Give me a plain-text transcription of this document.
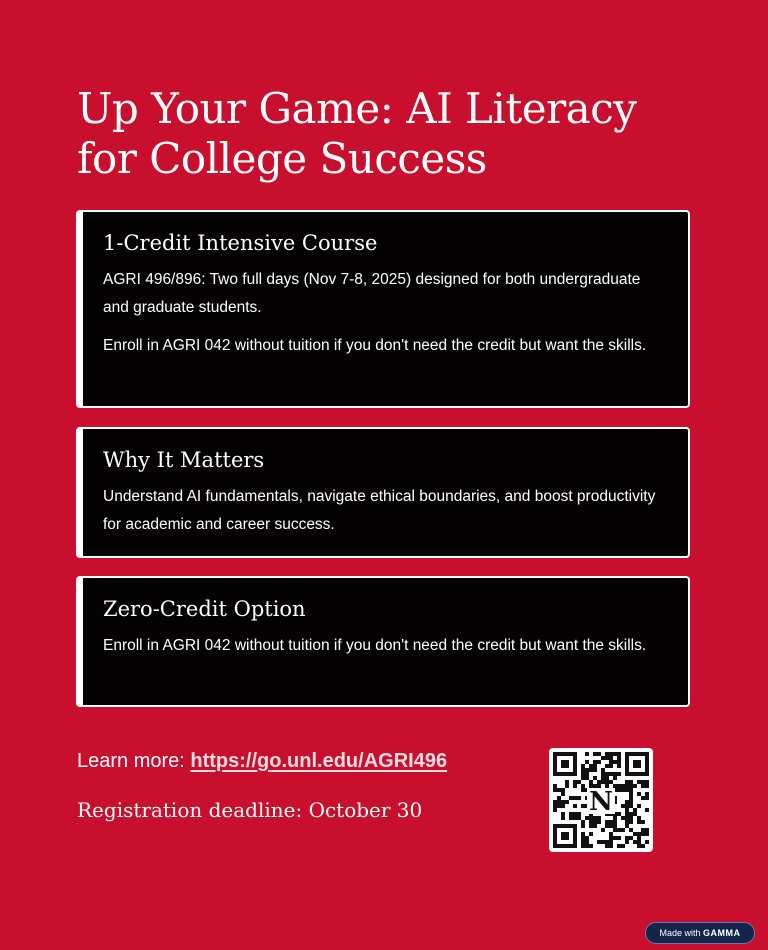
Up Your Game: AI Literacy
for College Success
1-Credit Intensive Course

AGRI 496/896: Two full days (Nov 7-8, 2025) designed for both undergraduate and graduate students.

Enroll in AGRI 042 without tuition if you don't need the credit but want the skills.

Why It Matters

Understand AI fundamentals, navigate ethical boundaries, and boost productivity for academic and career success.

Zero-Credit Option

Enroll in AGRI 042 without tuition if you don't need the credit but want the skills.

Learn more: https://go.unl.edu/AGRI496
Registration deadline: October 30	N
Made with GAMMA
